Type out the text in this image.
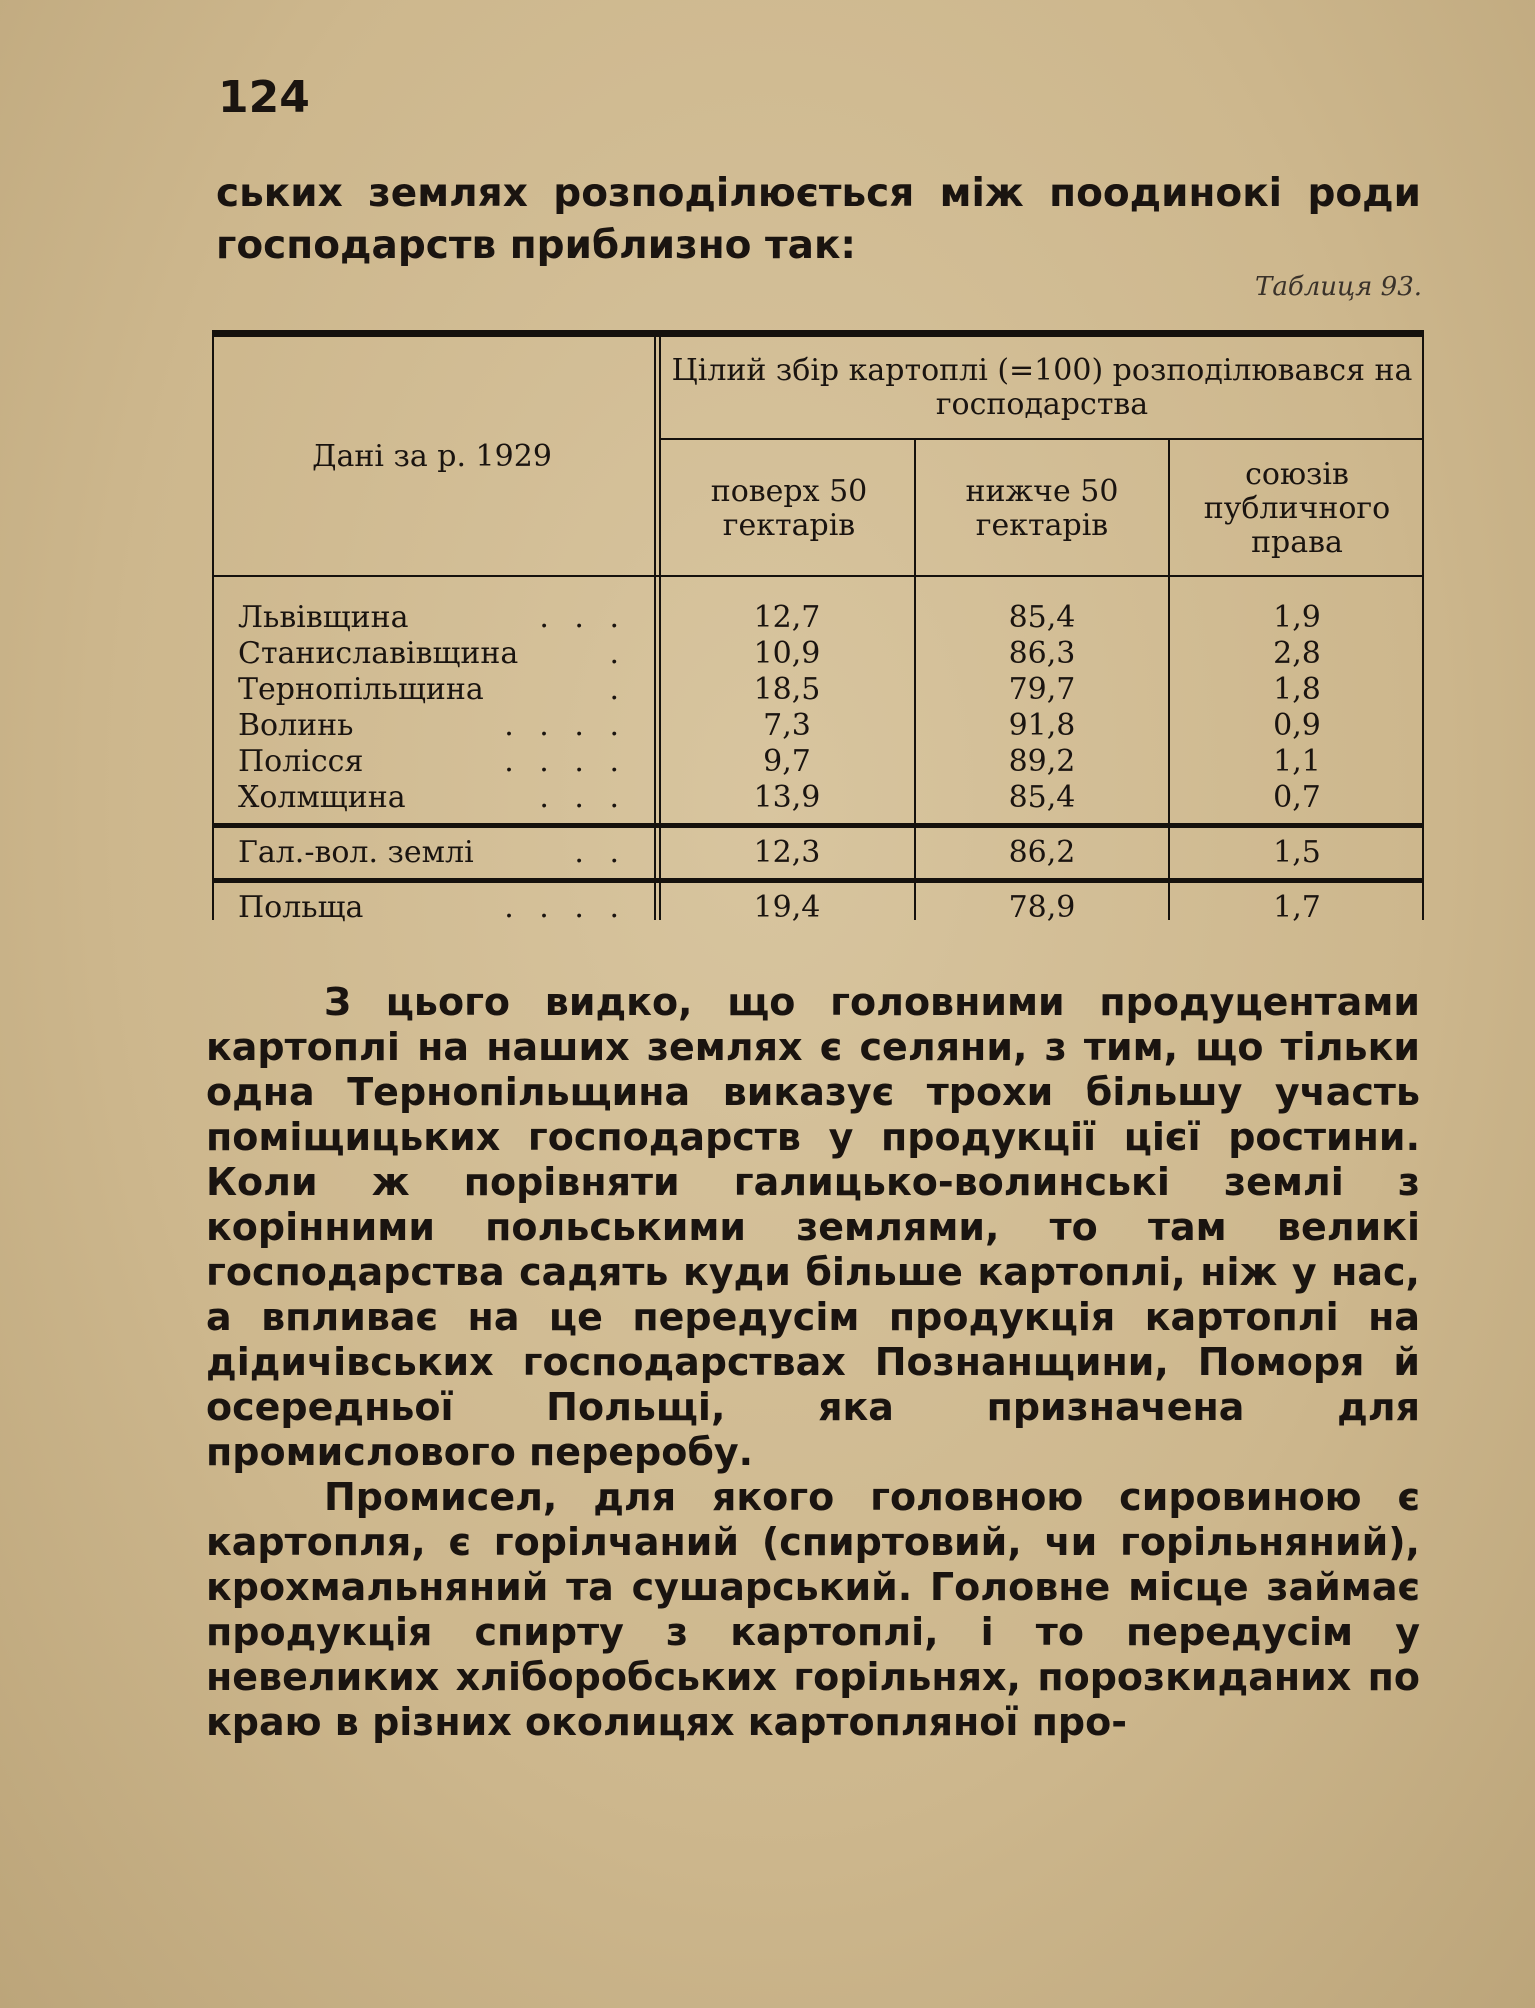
124

ських землях розподілюється між поодинокі роди господарств приблизно так:

Таблиця 93.
Цілий збір картоплі (=100) розподілювався на господарства
Дані за р. 1929
поверх 50 гектарів
нижче 50 гектарів
союзів публичного права
Львівщина	. . .	12,7	85,4	1,9
Станиславівщина	.	10,9	86,3	2,8
Тернопільщина	.	18,5	79,7	1,8
Волинь	. . . .	7,3	91,8	0,9
Полісся	. . . .	9,7	89,2	1,1
Холмщина	. . .	13,9	85,4	0,7
Гал.-вол. землі	. .	12,3	86,2	1,5
Польща	. . . .	19,4	78,9	1,7

З цього видко, що головними продуцентами картоплі на наших землях є селяни, з тим, що тільки одна Тернопільщина виказує трохи більшу участь поміщицьких господарств у продукції цієї ростини. Коли ж порівняти галицько-волинські землі з корінними польськими землями, то там великі господарства садять куди більше картоплі, ніж у нас, а впливає на це передусім продукція картоплі на дідичівських господарствах Познанщини, Поморя й осередньої Польщі, яка призначена для промислового переробу.

Промисел, для якого головною сировиною є картопля, є горілчаний (спиртовий, чи горільняний), крохмальняний та сушарський. Головне місце займає продукція спирту з картоплі, і то передусім у невеликих хліборобських горільнях, порозкиданих по краю в різних околицях картопляної про-
